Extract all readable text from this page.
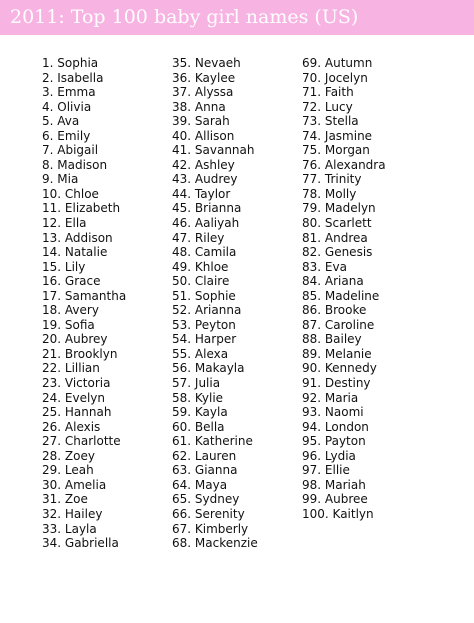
2011: Top 100 baby girl names (US)
1. Sophia
2. Isabella
3. Emma
4. Olivia
5. Ava
6. Emily
7. Abigail
8. Madison
9. Mia
10. Chloe
11. Elizabeth
12. Ella
13. Addison
14. Natalie
15. Lily
16. Grace
17. Samantha
18. Avery
19. Sofia
20. Aubrey
21. Brooklyn
22. Lillian
23. Victoria
24. Evelyn
25. Hannah
26. Alexis
27. Charlotte
28. Zoey
29. Leah
30. Amelia
31. Zoe
32. Hailey
33. Layla
34. Gabriella
35. Nevaeh
36. Kaylee
37. Alyssa
38. Anna
39. Sarah
40. Allison
41. Savannah
42. Ashley
43. Audrey
44. Taylor
45. Brianna
46. Aaliyah
47. Riley
48. Camila
49. Khloe
50. Claire
51. Sophie
52. Arianna
53. Peyton
54. Harper
55. Alexa
56. Makayla
57. Julia
58. Kylie
59. Kayla
60. Bella
61. Katherine
62. Lauren
63. Gianna
64. Maya
65. Sydney
66. Serenity
67. Kimberly
68. Mackenzie
69. Autumn
70. Jocelyn
71. Faith
72. Lucy
73. Stella
74. Jasmine
75. Morgan
76. Alexandra
77. Trinity
78. Molly
79. Madelyn
80. Scarlett
81. Andrea
82. Genesis
83. Eva
84. Ariana
85. Madeline
86. Brooke
87. Caroline
88. Bailey
89. Melanie
90. Kennedy
91. Destiny
92. Maria
93. Naomi
94. London
95. Payton
96. Lydia
97. Ellie
98. Mariah
99. Aubree
100. Kaitlyn
